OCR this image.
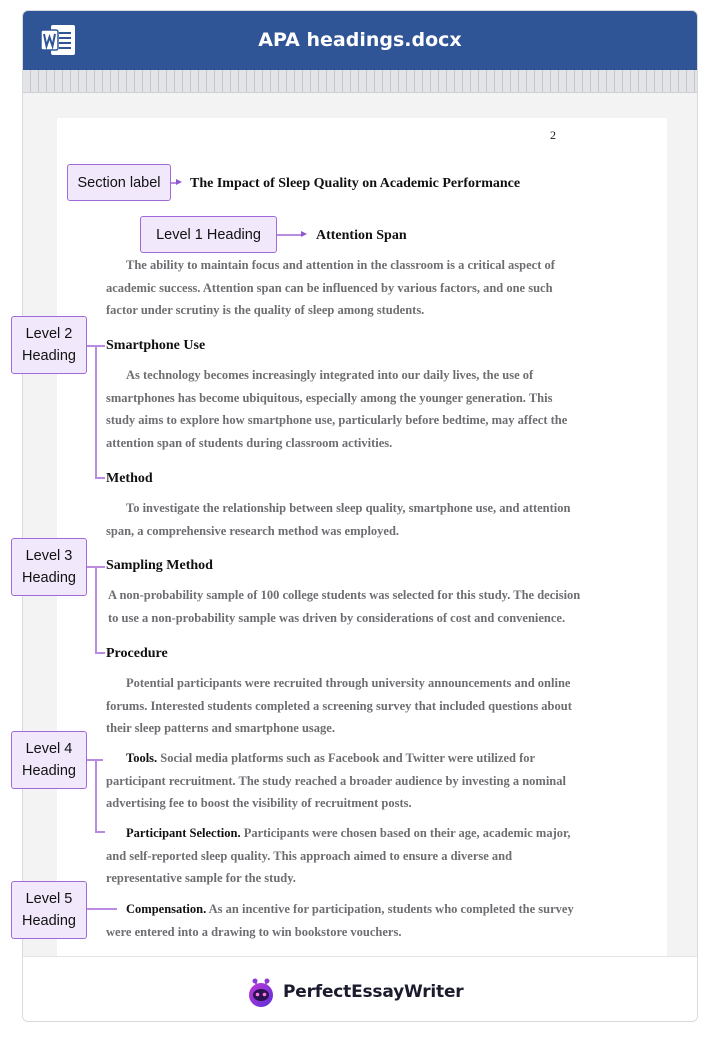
APA headings.docx
PerfectEssayWriter
2
The Impact of Sleep Quality on Academic Performance
Attention Span
The ability to maintain focus and attention in the classroom is a critical aspect of
academic success. Attention span can be influenced by various factors, and one such
factor under scrutiny is the quality of sleep among students.
Smartphone Use
As technology becomes increasingly integrated into our daily lives, the use of
smartphones has become ubiquitous, especially among the younger generation. This
study aims to explore how smartphone use, particularly before bedtime, may affect the
attention span of students during classroom activities.
Method
To investigate the relationship between sleep quality, smartphone use, and attention
span, a comprehensive research method was employed.
Sampling Method
A non-probability sample of 100 college students was selected for this study. The decision
to use a non-probability sample was driven by considerations of cost and convenience.
Procedure
Potential participants were recruited through university announcements and online
forums. Interested students completed a screening survey that included questions about
their sleep patterns and smartphone usage.
Tools. Social media platforms such as Facebook and Twitter were utilized for
participant recruitment. The study reached a broader audience by investing a nominal
advertising fee to boost the visibility of recruitment posts.
Participant Selection. Participants were chosen based on their age, academic major,
and self-reported sleep quality. This approach aimed to ensure a diverse and
representative sample for the study.
Compensation. As an incentive for participation, students who completed the survey
were entered into a drawing to win bookstore vouchers.
Section label
Level 1 Heading
Level 2
Heading
Level 3
Heading
Level 4
Heading
Level 5
Heading
